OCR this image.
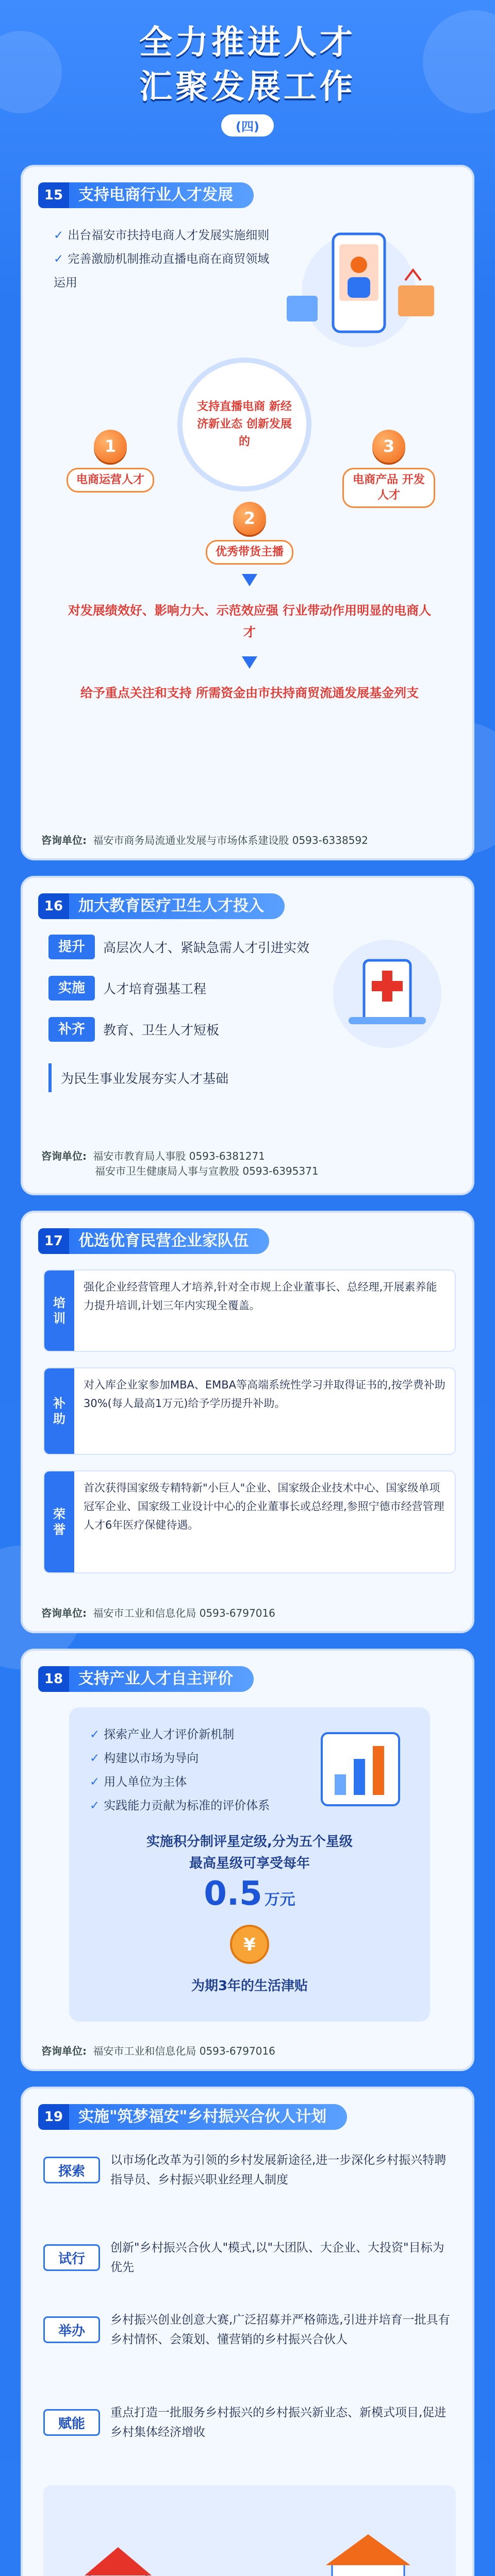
全力推进人才
汇聚发展工作
(四)
15 支持电商行业人才发展
✓ 出台福安市扶持电商人才发展实施细则
✓ 完善激励机制推动直播电商在商贸领域运用
1
电商运营人才
支持直播电商 新经济新业态 创新发展的	3
电商产品 开发人才
2
优秀带货主播
对发展绩效好、影响力大、示范效应强 行业带动作用明显的电商人才
给予重点关注和支持 所需资金由市扶持商贸流通发展基金列支
咨询单位: 福安市商务局流通业发展与市场体系建设股 0593-6338592
16 加大教育医疗卫生人才投入
提升	高层次人才、紧缺急需人才引进实效
实施	人才培育强基工程
补齐	教育、卫生人才短板
为民生事业发展夯实人才基础
咨询单位: 福安市教育局人事股 0593-6381271
福安市卫生健康局人事与宣教股 0593-6395371
17 优选优育民营企业家队伍
培训
强化企业经营管理人才培养,针对全市规上企业董事长、总经理,开展素养能力提升培训,计划三年内实现全覆盖。
补助
对入库企业家参加MBA、EMBA等高端系统性学习并取得证书的,按学费补助30%(每人最高1万元)给予学历提升补助。
荣誉
首次获得国家级专精特新"小巨人"企业、国家级企业技术中心、国家级单项冠军企业、国家级工业设计中心的企业董事长或总经理,参照宁德市经营管理人才6年医疗保健待遇。
咨询单位: 福安市工业和信息化局 0593-6797016
18 支持产业人才自主评价
✓ 探索产业人才评价新机制
✓ 构建以市场为导向
✓ 用人单位为主体
✓ 实践能力贡献为标准的评价体系
实施积分制评星定级,分为五个星级
最高星级可享受每年
0.5 万元
¥
为期3年的生活津贴
咨询单位: 福安市工业和信息化局 0593-6797016
19 实施"筑梦福安"乡村振兴合伙人计划
探索
以市场化改革为引领的乡村发展新途径,进一步深化乡村振兴特聘指导员、乡村振兴职业经理人制度
试行
创新"乡村振兴合伙人"模式,以"大团队、大企业、大投资"目标为优先
举办
乡村振兴创业创意大赛,广泛招募并严格筛选,引进并培育一批具有乡村情怀、会策划、懂营销的乡村振兴合伙人
赋能
重点打造一批服务乡村振兴的乡村振兴新业态、新模式项目,促进乡村集体经济增收
